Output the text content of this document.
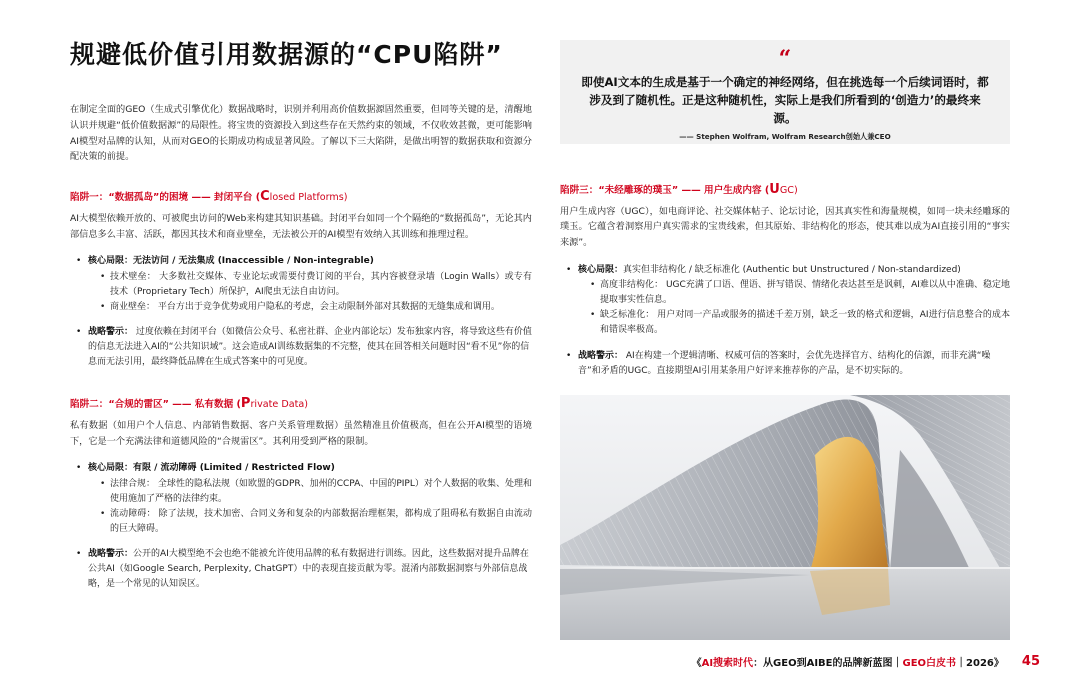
规避低价值引用数据源的“CPU陷阱”

在制定全面的GEO（生成式引擎优化）数据战略时，识别并利用高价值数据源固然重要，但同等关键的是，清醒地认识并规避“低价值数据源”的局限性。将宝贵的资源投入到这些存在天然约束的领域，不仅收效甚微，更可能影响AI模型对品牌的认知，从而对GEO的长期成功构成显著风险。了解以下三大陷阱，是做出明智的数据获取和资源分配决策的前提。

陷阱一：“数据孤岛”的困境 —— 封闭平台 (Closed Platforms)

AI大模型依赖开放的、可被爬虫访问的Web来构建其知识基础。封闭平台如同一个个隔绝的“数据孤岛”，无论其内部信息多么丰富、活跃，都因其技术和商业壁垒，无法被公开的AI模型有效纳入其训练和推理过程。

• 核心局限：无法访问 / 无法集成 (Inaccessible / Non-integrable)
• 技术壁垒： 大多数社交媒体、专业论坛或需要付费订阅的平台，其内容被登录墙（Login Walls）或专有技术（Proprietary Tech）所保护，AI爬虫无法自由访问。
• 商业壁垒： 平台方出于竞争优势或用户隐私的考虑，会主动限制外部对其数据的无缝集成和调用。
• 战略警示： 过度依赖在封闭平台（如微信公众号、私密社群、企业内部论坛）发布独家内容，将导致这些有价值的信息无法进入AI的“公共知识域”。这会造成AI训练数据集的不完整，使其在回答相关问题时因“看不见”你的信息而无法引用，最终降低品牌在生成式答案中的可见度。
陷阱二：“合规的雷区” —— 私有数据 (Private Data)

私有数据（如用户个人信息、内部销售数据、客户关系管理数据）虽然精准且价值极高，但在公开AI模型的语境下，它是一个充满法律和道德风险的“合规雷区”。其利用受到严格的限制。

• 核心局限：有限 / 流动障碍 (Limited / Restricted Flow)
• 法律合规： 全球性的隐私法规（如欧盟的GDPR、加州的CCPA、中国的PIPL）对个人数据的收集、处理和使用施加了严格的法律约束。
• 流动障碍： 除了法规，技术加密、合同义务和复杂的内部数据治理框架，都构成了阻碍私有数据自由流动的巨大障碍。
• 战略警示：公开的AI大模型绝不会也绝不能被允许使用品牌的私有数据进行训练。因此，这些数据对提升品牌在公共AI（如Google Search, Perplexity, ChatGPT）中的表现直接贡献为零。混淆内部数据洞察与外部信息战略，是一个常见的认知误区。
“

即使AI文本的生成是基于一个确定的神经网络，但在挑选每一个后续词语时，都涉及到了随机性。正是这种随机性，实际上是我们所看到的‘创造力’的最终来源。

—— Stephen Wolfram, Wolfram Research创始人兼CEO

陷阱三：“未经雕琢的璞玉” —— 用户生成内容 (UGC)

用户生成内容（UGC），如电商评论、社交媒体帖子、论坛讨论，因其真实性和海量规模，如同一块未经雕琢的璞玉。它蕴含着洞察用户真实需求的宝贵线索，但其原始、非结构化的形态，使其难以成为AI直接引用的“事实来源”。

• 核心局限：真实但非结构化 / 缺乏标准化 (Authentic but Unstructured / Non-standardized)
• 高度非结构化： UGC充满了口语、俚语、拼写错误、情绪化表达甚至是讽刺，AI难以从中准确、稳定地提取事实性信息。
• 缺乏标准化： 用户对同一产品或服务的描述千差万别，缺乏一致的格式和逻辑，AI进行信息整合的成本和错误率极高。
• 战略警示： AI在构建一个逻辑清晰、权威可信的答案时，会优先选择官方、结构化的信源，而非充满“噪音”和矛盾的UGC。直接期望AI引用某条用户好评来推荐你的产品，是不切实际的。
《 AI搜索时代 ：从GEO到AIBE的品牌新蓝图 ｜ GEO白皮书 ｜2026》 45
